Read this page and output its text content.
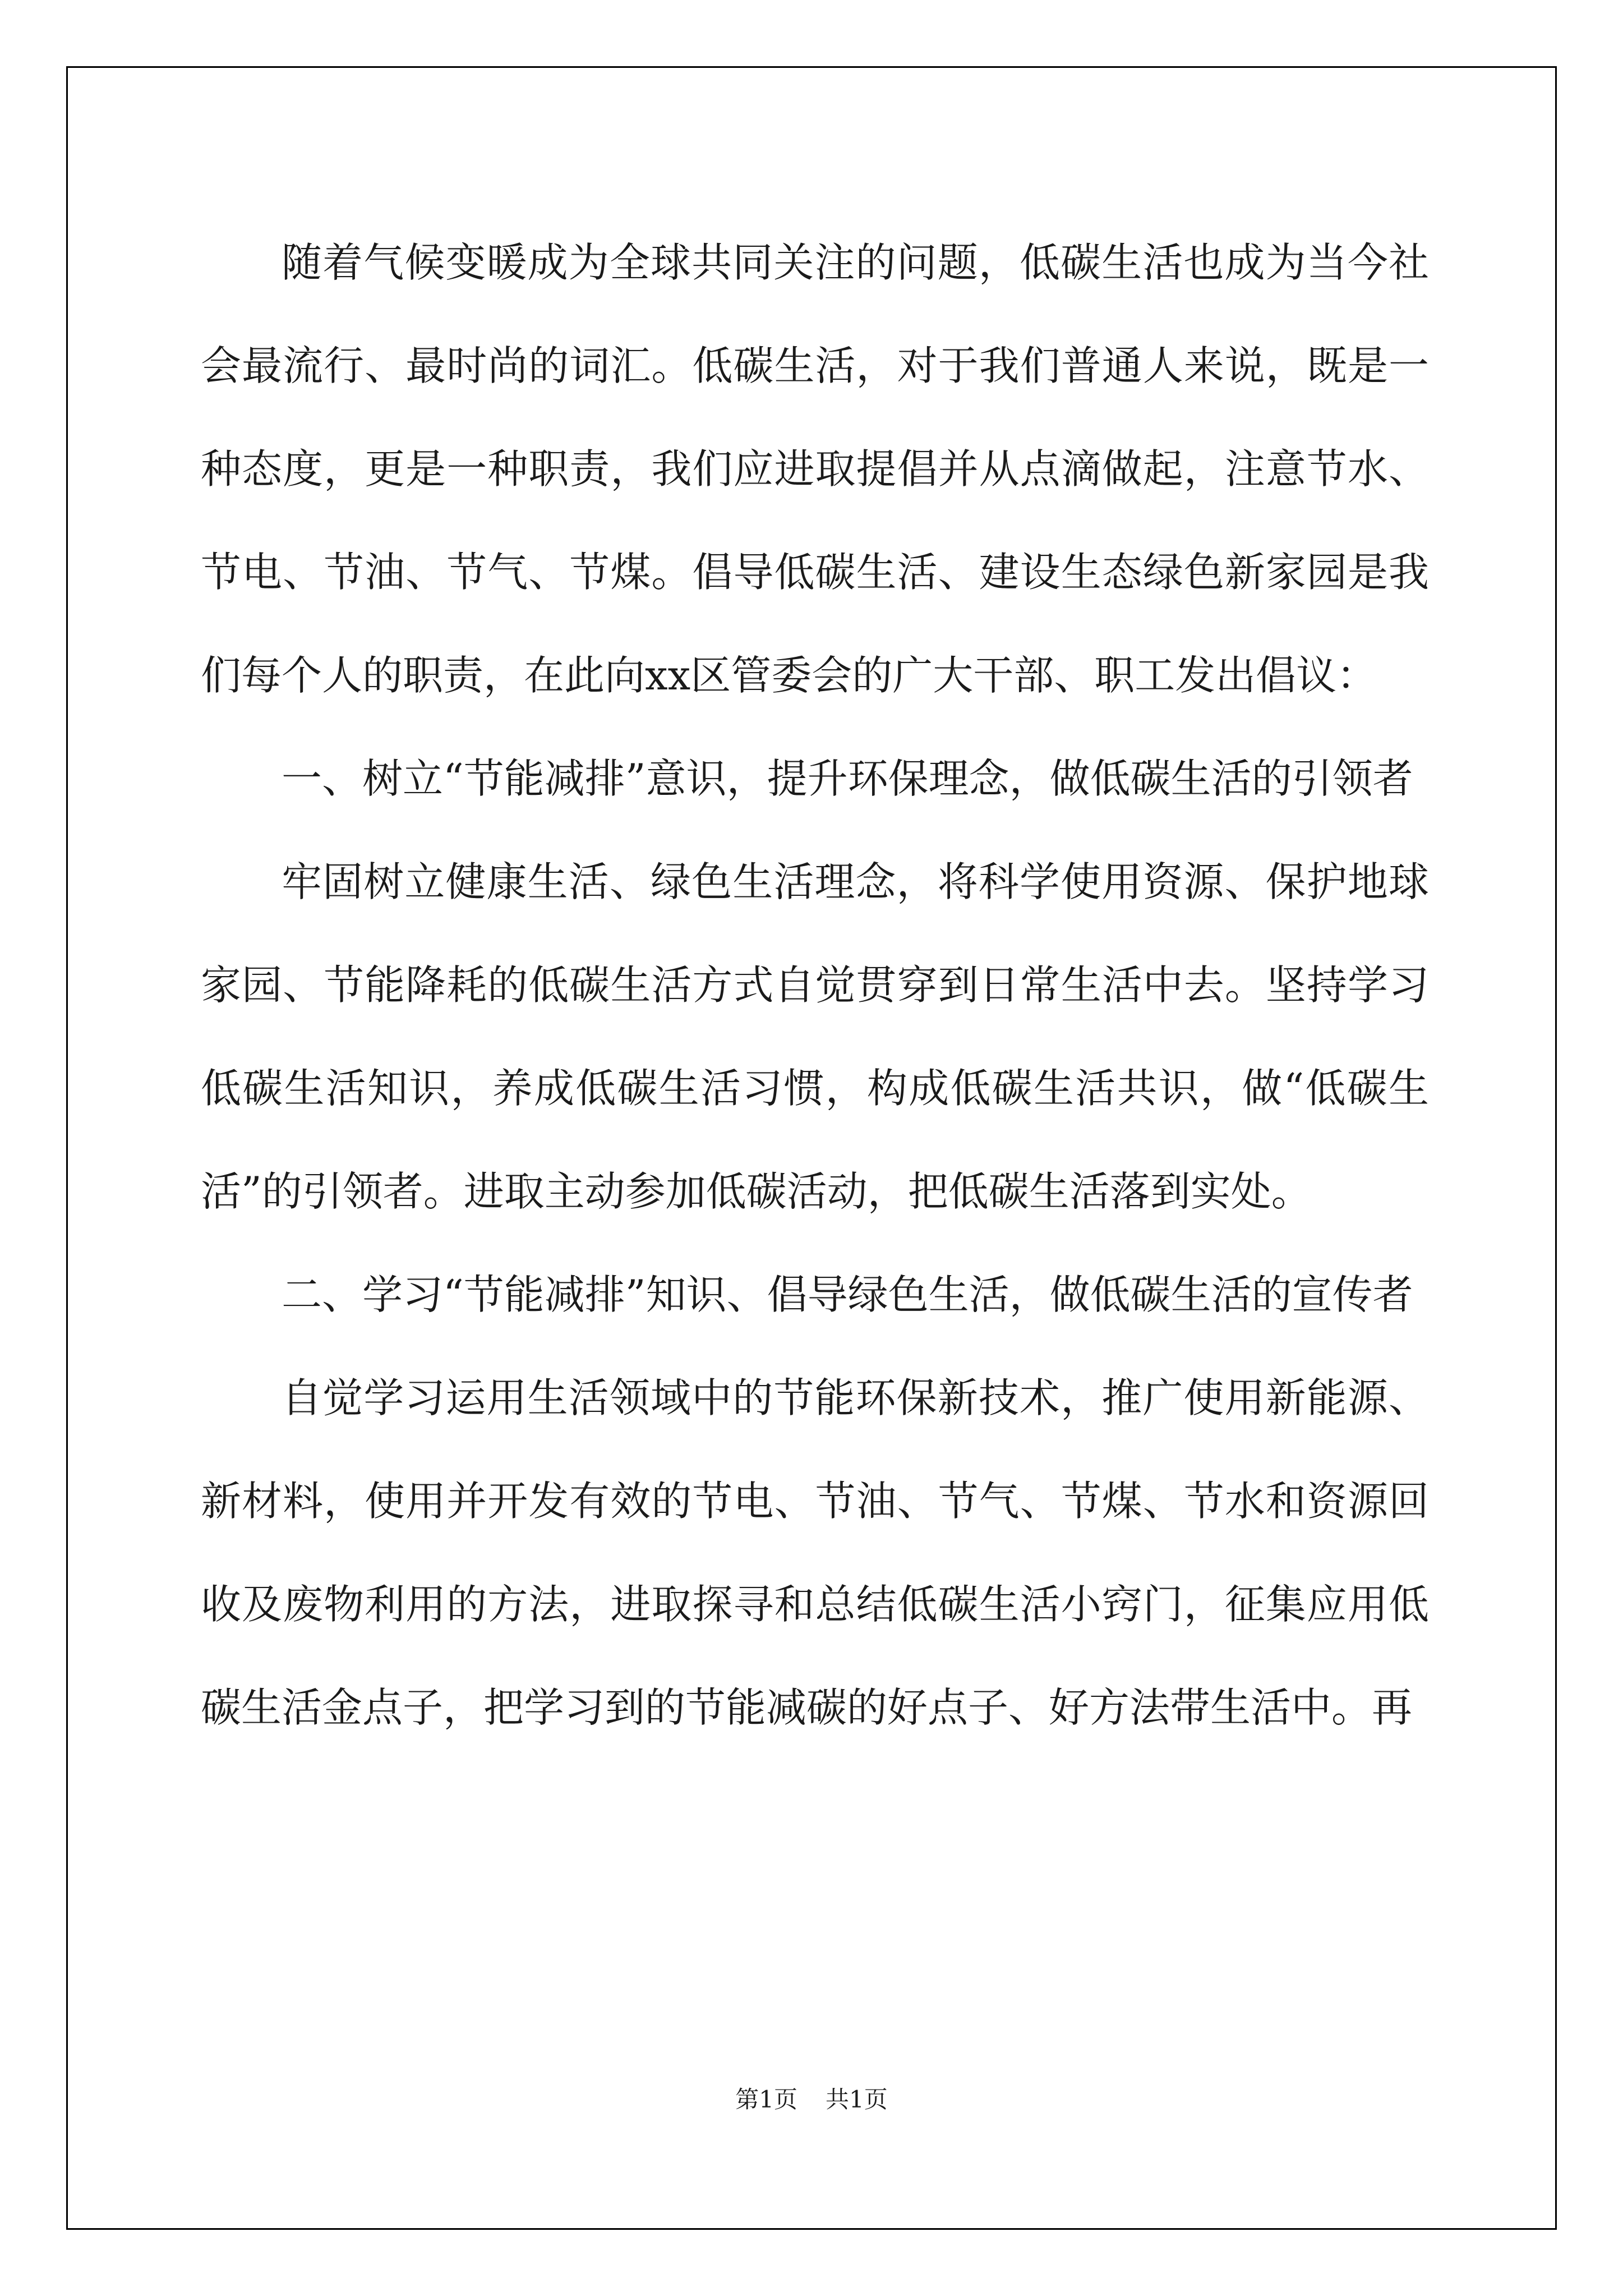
随着气候变暖成为全球共同关注的问题，低碳生活也成为当今社会最流行、最时尚的词汇。低碳生活，对于我们普通人来说，既是一种态度，更是一种职责，我们应进取提倡并从点滴做起，注意节水、节电、节油、节气、节煤。倡导低碳生活、建设生态绿色新家园是我们每个人的职责，在此向xx区管委会的广大干部、职工发出倡议：

一、树立“节能减排”意识，提升环保理念，做低碳生活的引领者

牢固树立健康生活、绿色生活理念，将科学使用资源、保护地球家园、节能降耗的低碳生活方式自觉贯穿到日常生活中去。坚持学习低碳生活知识，养成低碳生活习惯，构成低碳生活共识，做“低碳生活”的引领者。进取主动参加低碳活动，把低碳生活落到实处。

二、学习“节能减排”知识、倡导绿色生活，做低碳生活的宣传者

自觉学习运用生活领域中的节能环保新技术，推广使用新能源、新材料，使用并开发有效的节电、节油、节气、节煤、节水和资源回收及废物利用的方法，进取探寻和总结低碳生活小窍门，征集应用低碳生活金点子，把学习到的节能减碳的好点子、好方法带生活中。再

第1页 共1页
